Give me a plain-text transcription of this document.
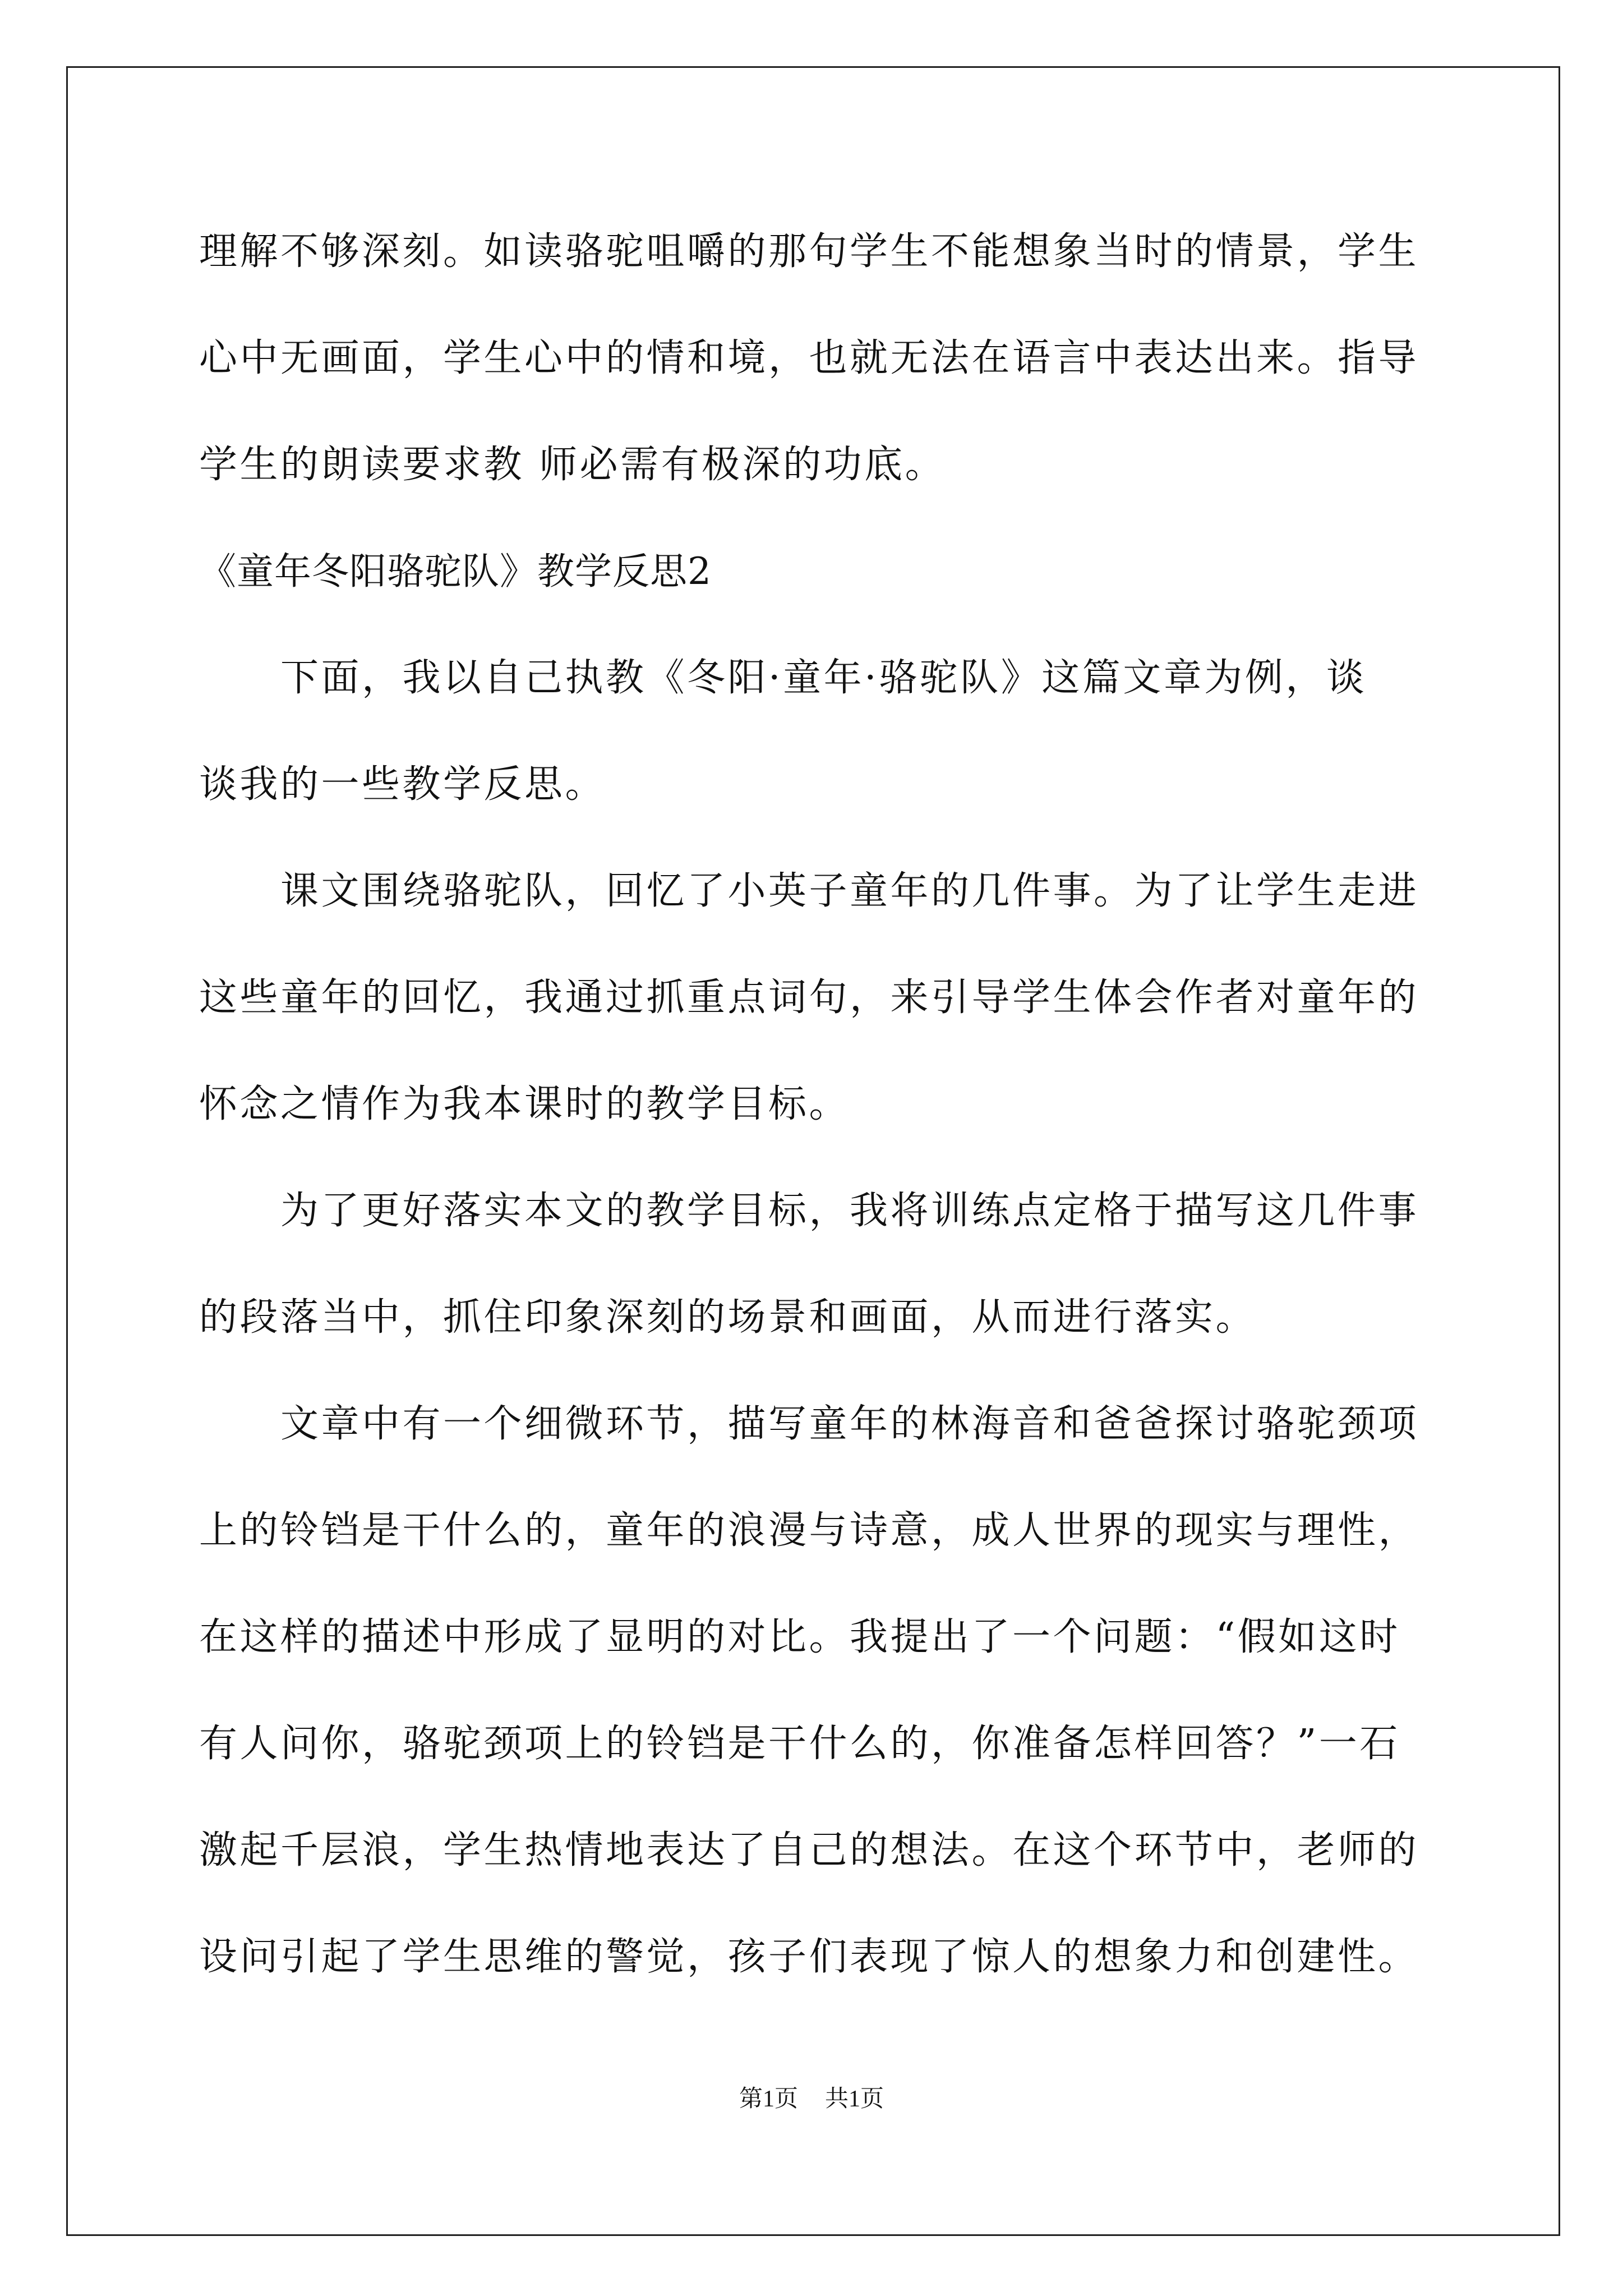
理解不够深刻。如读骆驼咀嚼的那句学生不能想象当时的情景，学生
心中无画面，学生心中的情和境，也就无法在语言中表达出来。指导
学生的朗读要求教 师必需有极深的功底。
《童年冬阳骆驼队》教学反思2
下面，我以自己执教《冬阳·童年·骆驼队》这篇文章为例，谈
谈我的一些教学反思。
课文围绕骆驼队，回忆了小英子童年的几件事。为了让学生走进
这些童年的回忆，我通过抓重点词句，来引导学生体会作者对童年的
怀念之情作为我本课时的教学目标。
为了更好落实本文的教学目标，我将训练点定格于描写这几件事
的段落当中，抓住印象深刻的场景和画面，从而进行落实。
文章中有一个细微环节，描写童年的林海音和爸爸探讨骆驼颈项
上的铃铛是干什么的，童年的浪漫与诗意，成人世界的现实与理性，
在这样的描述中形成了显明的对比。我提出了一个问题：“假如这时
有人问你，骆驼颈项上的铃铛是干什么的，你准备怎样回答？”一石
激起千层浪，学生热情地表达了自己的想法。在这个环节中，老师的
设问引起了学生思维的警觉，孩子们表现了惊人的想象力和创建性。
第1页 共1页
